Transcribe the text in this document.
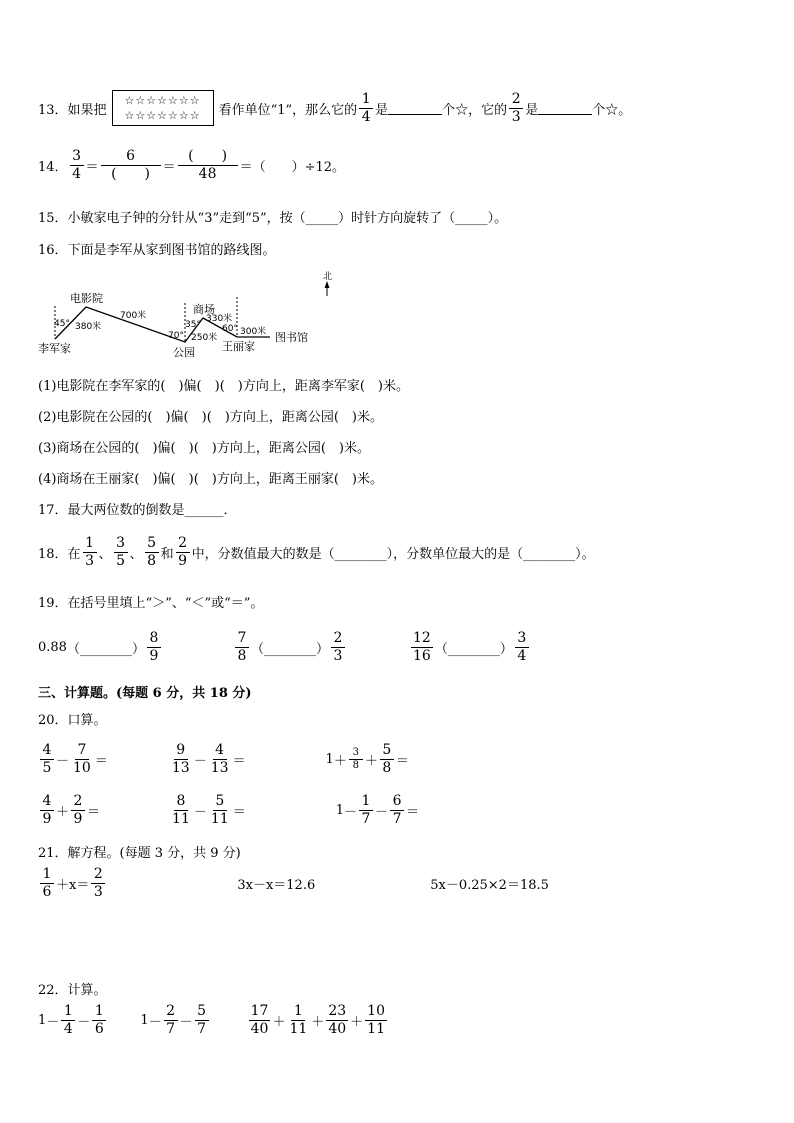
13．如果把
☆☆☆☆☆☆☆
☆☆☆☆☆☆☆	看作单位“1”，那么它的 $\frac{1}{4}$ 是	个☆，它的 $\frac{2}{3}$ 是	个☆。
14． $\frac{3}{4} = \frac{6}{( )} = \frac{( )}{48}$ ＝（　　）÷12。
15．小敏家电子钟的分针从“3”走到“5”，按（_____）时针方向旋转了（_____）。
16．下面是李军从家到图书馆的路线图。
北
李军家
电影院
公园
商场
王丽家
图书馆
45° 380米
700米
70° 250米
35°
330米
60° 300米
(1)电影院在李军家的(　)偏(　)(　)方向上，距离李军家(　)米。
(2)电影院在公园的(　)偏(　)(　)方向上，距离公园(　)米。
(3)商场在公园的(　)偏(　)(　)方向上，距离公园(　)米。
(4)商场在王丽家(　)偏(　)(　)方向上，距离王丽家(　)米。
17．最大两位数的倒数是______．
18．在 $\frac{1}{3}$ 、 $\frac{3}{5}$ 、 $\frac{5}{8}$ 和 $\frac{2}{9}$ 中，分数值最大的数是（________），分数单位最大的是（________）。
19．在括号里填上“＞”、“＜”或“＝”。
0.88 （________） $\frac{8}{9}$	$\frac{7}{8}$ （________） $\frac{2}{3}$	$\frac{12}{16}$ （________） $\frac{3}{4}$
三、计算题。(每题 6 分，共 18 分)
20．口算。
$\frac{4}{5} - \frac{7}{10}$ ＝	$\frac{9}{13} - \frac{4}{13}$ ＝	$1 + \frac{3}{8} + \frac{5}{8}$ ＝
$\frac{4}{9} + \frac{2}{9}$ ＝	$\frac{8}{11} - \frac{5}{11}$ ＝	$1 - \frac{1}{7} - \frac{6}{7}$ ＝
21．解方程。(每题 3 分，共 9 分)
$\frac{1}{6} +x= \frac{2}{3}$	3x－x＝12.6	5x－0.25×2＝18.5
22．计算。
$1 - \frac{1}{4} - \frac{1}{6}$	$1 - \frac{2}{7} - \frac{5}{7}$	$\frac{17}{40} + \frac{1}{11} + \frac{23}{40} + \frac{10}{11}$
